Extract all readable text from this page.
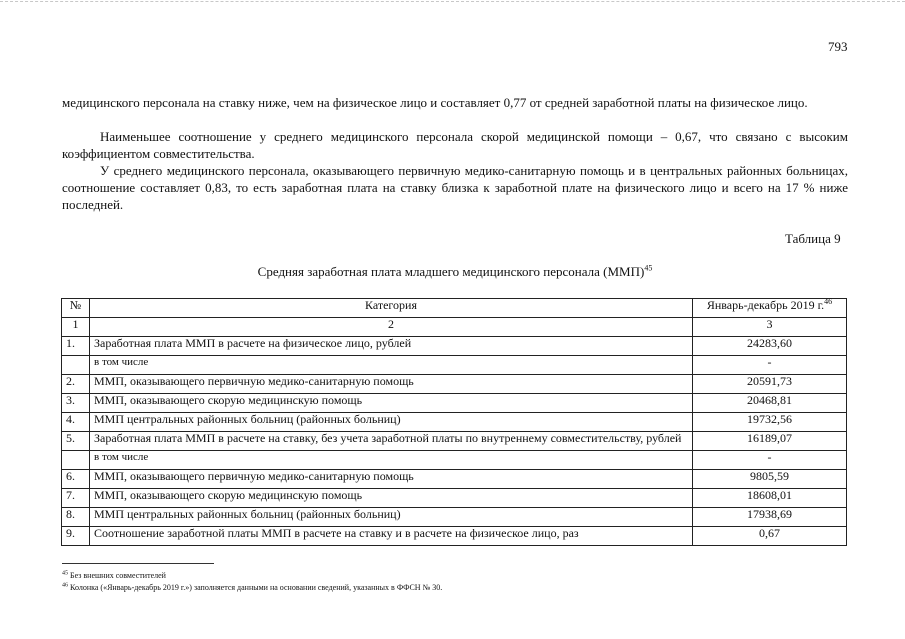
793

медицинского персонала на ставку ниже, чем на физическое лицо и составляет 0,77 от средней заработной платы на физическое лицо.

Наименьшее соотношение у среднего медицинского персонала скорой медицинской помощи – 0,67, что связано с высоким коэффициентом совместительства.

У среднего медицинского персонала, оказывающего первичную медико-санитарную помощь и в центральных районных больницах, соотношение составляет 0,83, то есть заработная плата на ставку близка к заработной плате на физического лицо и всего на 17 % ниже последней.

Таблица 9
Средняя заработная плата младшего медицинского персонала (ММП)$^{45}$
№	Категория	Январь-декабрь 2019 г.$^{46}$
1	2	3
1.	Заработная плата ММП в расчете на физическое лицо, рублей	24283,60
	в том числе	-
2.	ММП, оказывающего первичную медико-санитарную помощь	20591,73
3.	ММП, оказывающего скорую медицинскую помощь	20468,81
4.	ММП центральных районных больниц (районных больниц)	19732,56
5.	Заработная плата ММП в расчете на ставку, без учета заработной платы по внутреннему совместительству, рублей	16189,07
	в том числе	-
6.	ММП, оказывающего первичную медико-санитарную помощь	9805,59
7.	ММП, оказывающего скорую медицинскую помощь	18608,01
8.	ММП центральных районных больниц (районных больниц)	17938,69
9.	Соотношение заработной платы ММП в расчете на ставку и в расчете на физическое лицо, раз	0,67
$^{45}$ Без внешних совместителей
$^{46}$ Колонка («Январь-декабрь 2019 г.») заполняется данными на основании сведений, указанных в ФФСН № 30.
